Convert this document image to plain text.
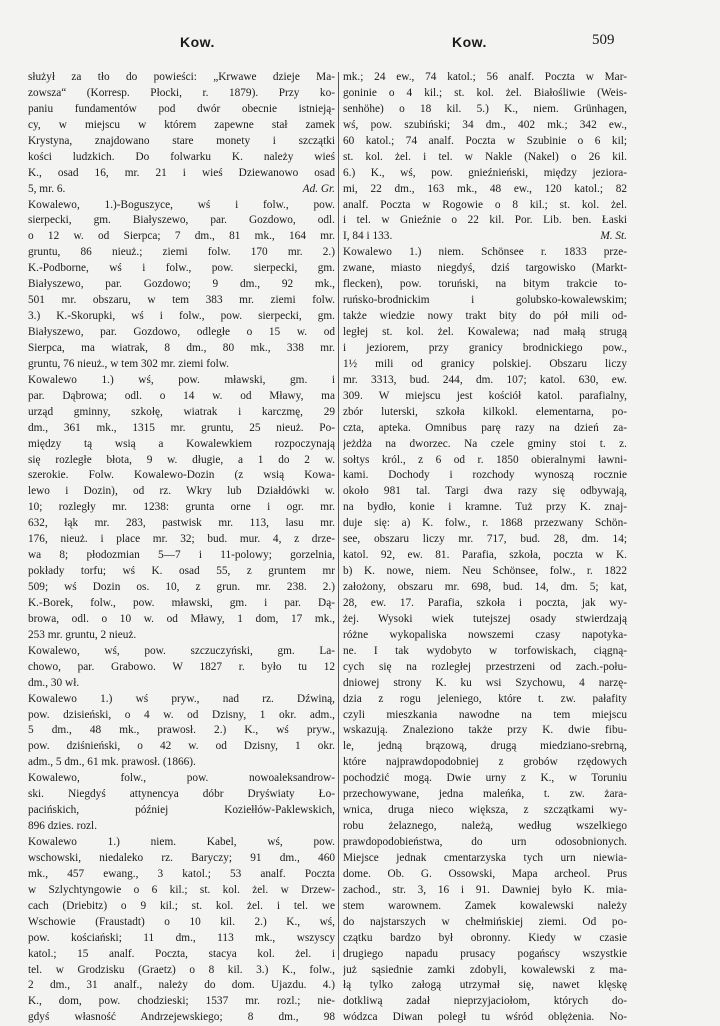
Kow.	Kow.	509
służył za tło do powieści: „Krwawe dzieje Ma-
zowsza“ (Korresp. Płocki, r. 1879). Przy ko-
paniu fundamentów pod dwór obecnie istnieją-
cy, w miejscu w którem zapewne stał zamek
Krystyna, znajdowano stare monety i szczątki
kości ludzkich. Do folwarku K. należy wieś
K., osad 16, mr. 21 i wieś Dziewanowo osad
5, mr. 6.	Ad. Gr.
Kowalewo, 1.)-Boguszyce, wś i folw., pow.
sierpecki, gm. Białyszewo, par. Gozdowo, odl.
o 12 w. od Sierpca; 7 dm., 81 mk., 164 mr.
gruntu, 86 nieuż.; ziemi folw. 170 mr. 2.)
K.-Podborne, wś i folw., pow. sierpecki, gm.
Białyszewo, par. Gozdowo; 9 dm., 92 mk.,
501 mr. obszaru, w tem 383 mr. ziemi folw.
3.) K.-Skorupki, wś i folw., pow. sierpecki, gm.
Białyszewo, par. Gozdowo, odległe o 15 w. od
Sierpca, ma wiatrak, 8 dm., 80 mk., 338 mr.
gruntu, 76 nieuż., w tem 302 mr. ziemi folw.
Kowalewo 1.) wś, pow. mławski, gm. i
par. Dąbrowa; odl. o 14 w. od Mławy, ma
urząd gminny, szkołę, wiatrak i karczmę, 29
dm., 361 mk., 1315 mr. gruntu, 25 nieuż. Po-
między tą wsią a Kowalewkiem rozpoczynają
się rozległe błota, 9 w. długie, a 1 do 2 w.
szerokie. Folw. Kowalewo-Dozin (z wsią Kowa-
lewo i Dozin), od rz. Wkry lub Działdówki w.
10; rozległy mr. 1238: grunta orne i ogr. mr.
632, łąk mr. 283, pastwisk mr. 113, lasu mr.
176, nieuż. i place mr. 32; bud. mur. 4, z drze-
wa 8; płodozmian 5—7 i 11-polowy; gorzelnia,
pokłady torfu; wś K. osad 55, z gruntem mr
509; wś Dozin os. 10, z grun. mr. 238. 2.)
K.-Borek, folw., pow. mławski, gm. i par. Dą-
browa, odl. o 10 w. od Mławy, 1 dom, 17 mk.,
253 mr. gruntu, 2 nieuż.
Kowalewo, wś, pow. szczuczyński, gm. La-
chowo, par. Grabowo. W 1827 r. było tu 12
dm., 30 wł.
Kowalewo 1.) wś pryw., nad rz. Dźwiną,
pow. dzisieński, o 4 w. od Dzisny, 1 okr. adm.,
5 dm., 48 mk., prawosł. 2.) K., wś pryw.,
pow. dziśnieński, o 42 w. od Dzisny, 1 okr.
adm., 5 dm., 61 mk. prawosł. (1866).
Kowalewo, folw., pow. nowoaleksandrow-
ski. Niegdyś attynencya dóbr Dryświaty Ło-
pacińskich, później Koziełłów-Paklewskich,
896 dzies. rozl.
Kowalewo 1.) niem. Kabel, wś, pow.
wschowski, niedaleko rz. Baryczy; 91 dm., 460
mk., 457 ewang., 3 katol.; 53 analf. Poczta
w Szlychtyngowie o 6 kil.; st. kol. żel. w Drzew-
cach (Driebitz) o 9 kil.; st. kol. żel. i tel. we
Wschowie (Fraustadt) o 10 kil. 2.) K., wś,
pow. kościański; 11 dm., 113 mk., wszyscy
katol.; 15 analf. Poczta, stacya kol. żel. i
tel. w Grodzisku (Graetz) o 8 kil. 3.) K., folw.,
2 dm., 31 analf., należy do dom. Ujazdu. 4.)
K., dom, pow. chodzieski; 1537 mr. rozl.; nie-
gdyś własność Andrzejewskiego; 8 dm., 98
mk.; 24 ew., 74 katol.; 56 analf. Poczta w Mar-
goninie o 4 kil.; st. kol. żel. Białośliwie (Weis-
senhöhe) o 18 kil. 5.) K., niem. Grünhagen,
wś, pow. szubiński; 34 dm., 402 mk.; 342 ew.,
60 katol.; 74 analf. Poczta w Szubinie o 6 kil;
st. kol. żel. i tel. w Nakle (Nakel) o 26 kil.
6.) K., wś, pow. gnieźnieński, między jeziora-
mi, 22 dm., 163 mk., 48 ew., 120 katol.; 82
analf. Poczta w Rogowie o 8 kil.; st. kol. żel.
i tel. w Gnieźnie o 22 kil. Por. Lib. ben. Łaski
I, 84 i 133.	M. St.
Kowalewo 1.) niem. Schönsee r. 1833 prze-
zwane, miasto niegdyś, dziś targowisko (Markt-
flecken), pow. toruński, na bitym trakcie to-
ruńsko-brodnickim i golubsko-kowalewskim;
także wiedzie nowy trakt bity do pół mili od-
ległej st. kol. żel. Kowalewa; nad małą strugą
i jeziorem, przy granicy brodnickiego pow.,
1½ mili od granicy polskiej. Obszaru liczy
mr. 3313, bud. 244, dm. 107; katol. 630, ew.
309. W miejscu jest kościół katol. parafialny,
zbór luterski, szkoła kilkokl. elementarna, po-
czta, apteka. Omnibus parę razy na dzień za-
jeżdża na dworzec. Na czele gminy stoi t. z.
sołtys król., z 6 od r. 1850 obieralnymi ławni-
kami. Dochody i rozchody wynoszą rocznie
około 981 tal. Targi dwa razy się odbywają,
na bydło, konie i kramne. Tuż przy K. znaj-
duje się: a) K. folw., r. 1868 przezwany Schön-
see, obszaru liczy mr. 717, bud. 28, dm. 14;
katol. 92, ew. 81. Parafia, szkoła, poczta w K.
b) K. nowe, niem. Neu Schönsee, folw., r. 1822
założony, obszaru mr. 698, bud. 14, dm. 5; kat,
28, ew. 17. Parafia, szkoła i poczta, jak wy-
żej. Wysoki wiek tutejszej osady stwierdzają
różne wykopaliska nowszemi czasy napotyka-
ne. I tak wydobyto w torfowiskach, ciągną-
cych się na rozległej przestrzeni od zach.-połu-
dniowej strony K. ku wsi Szychowu, 4 narzę-
dzia z rogu jeleniego, które t. zw. pałafity
czyli mieszkania nawodne na tem miejscu
wskazują. Znaleziono także przy K. dwie fibu-
le, jedną brązową, drugą miedziano-srebrną,
które najprawdopodobniej z grobów rzędowych
pochodzić mogą. Dwie urny z K., w Toruniu
przechowywane, jedna maleńka, t. zw. żara-
wnica, druga nieco większa, z szczątkami wy-
robu żelaznego, należą, według wszelkiego
prawdopodobieństwa, do urn odosobnionych.
Miejsce jednak cmentarzyska tych urn niewia-
dome. Ob. G. Ossowski, Mapa archeol. Prus
zachod., str. 3, 16 i 91. Dawniej było K. mia-
stem warownem. Zamek kowalewski należy
do najstarszych w chełmińskiej ziemi. Od po-
czątku bardzo był obronny. Kiedy w czasie
drugiego napadu prusacy pogańscy wszystkie
już sąsiednie zamki zdobyli, kowalewski z ma-
łą tylko załogą utrzymał się, nawet klęskę
dotkliwą zadał nieprzyjaciołom, których do-
wódzca Diwan poległ tu wśród oblężenia. No-
